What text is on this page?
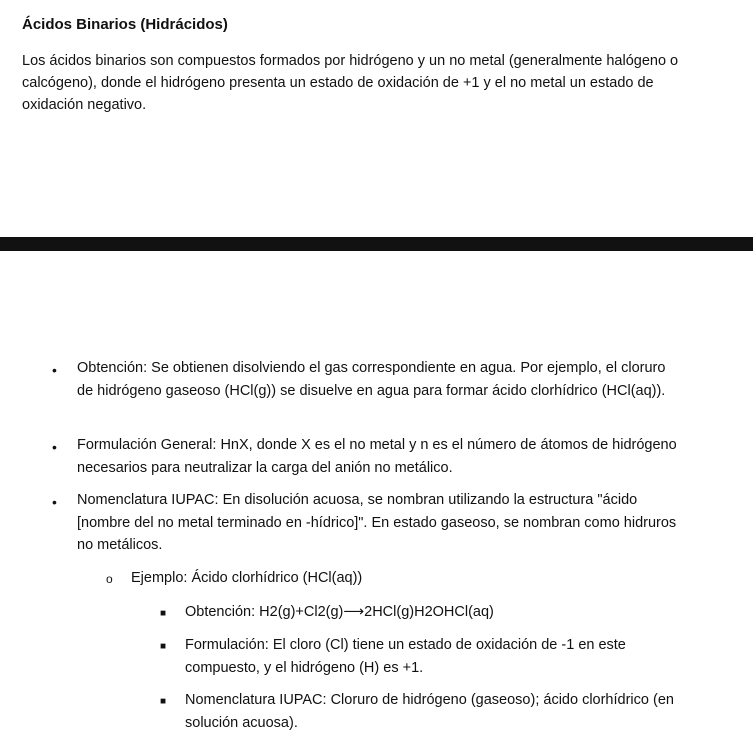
Ácidos Binarios (Hidrácidos)
Los ácidos binarios son compuestos formados por hidrógeno y un no metal (generalmente halógeno o calcógeno), donde el hidrógeno presenta un estado de oxidación de +1 y el no metal un estado de oxidación negativo.
• Obtención: Se obtienen disolviendo el gas correspondiente en agua. Por ejemplo, el cloruro de hidrógeno gaseoso (HCl(g)) se disuelve en agua para formar ácido clorhídrico (HCl(aq)).
• Formulación General: HnX, donde X es el no metal y n es el número de átomos de hidrógeno necesarios para neutralizar la carga del anión no metálico.
• Nomenclatura IUPAC: En disolución acuosa, se nombran utilizando la estructura "ácido [nombre del no metal terminado en -hídrico]". En estado gaseoso, se nombran como hidruros no metálicos.
o Ejemplo: Ácido clorhídrico (HCl(aq))
■ Obtención: H2(g)+Cl2(g)⟶2HCl(g)H2OHCl(aq)
■ Formulación: El cloro (Cl) tiene un estado de oxidación de -1 en este compuesto, y el hidrógeno (H) es +1.
■ Nomenclatura IUPAC: Cloruro de hidrógeno (gaseoso); ácido clorhídrico (en solución acuosa).
